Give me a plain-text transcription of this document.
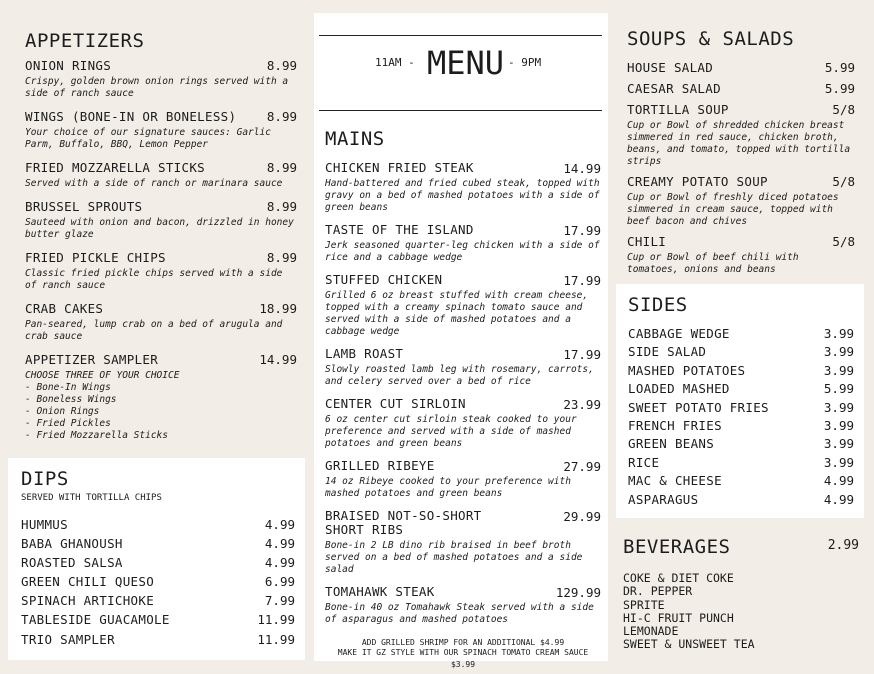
APPETIZERS
ONION RINGS	8.99
Crispy, golden brown onion rings served with a side of ranch sauce
WINGS (BONE-IN OR BONELESS)	8.99
Your choice of our signature sauces: Garlic Parm, Buffalo, BBQ, Lemon Pepper
FRIED MOZZARELLA STICKS	8.99
Served with a side of ranch or marinara sauce
BRUSSEL SPROUTS	8.99
Sauteed with onion and bacon, drizzled in honey butter glaze
FRIED PICKLE CHIPS	8.99
Classic fried pickle chips served with a side of ranch sauce
CRAB CAKES	18.99
Pan-seared, lump crab on a bed of arugula and crab sauce
APPETIZER SAMPLER	14.99
CHOOSE THREE OF YOUR CHOICE
- Bone-In Wings
- Boneless Wings
- Onion Rings
- Fried Pickles
- Fried Mozzarella Sticks
DIPS
SERVED WITH TORTILLA CHIPS
HUMMUS	4.99
BABA GHANOUSH	4.99
ROASTED SALSA	4.99
GREEN CHILI QUESO	6.99
SPINACH ARTICHOKE	7.99
TABLESIDE GUACAMOLE	11.99
TRIO SAMPLER	11.99
11AM - MENU - 9PM
MAINS
CHICKEN FRIED STEAK	14.99
Hand-battered and fried cubed steak, topped with gravy on a bed of mashed potatoes with a side of green beans
TASTE OF THE ISLAND	17.99
Jerk seasoned quarter-leg chicken with a side of rice and a cabbage wedge
STUFFED CHICKEN	17.99
Grilled 6 oz breast stuffed with cream cheese, topped with a creamy spinach tomato sauce and served with a side of mashed potatoes and a cabbage wedge
LAMB ROAST	17.99
Slowly roasted lamb leg with rosemary, carrots, and celery served over a bed of rice
CENTER CUT SIRLOIN	23.99
6 oz center cut sirloin steak cooked to your preference and served with a side of mashed potatoes and green beans
GRILLED RIBEYE	27.99
14 oz Ribeye cooked to your preference with mashed potatoes and green beans
BRAISED NOT-SO-SHORT SHORT RIBS
29.99
Bone-in 2 LB dino rib braised in beef broth served on a bed of mashed potatoes and a side salad
TOMAHAWK STEAK	129.99
Bone-in 40 oz Tomahawk Steak served with a side of asparagus and mashed potatoes
ADD GRILLED SHRIMP FOR AN ADDITIONAL $4.99
MAKE IT GZ STYLE WITH OUR SPINACH TOMATO CREAM SAUCE $3.99
SOUPS & SALADS
HOUSE SALAD	5.99
CAESAR SALAD	5.99
TORTILLA SOUP	5/8
Cup or Bowl of shredded chicken breast simmered in red sauce, chicken broth, beans, and tomato, topped with tortilla strips
CREAMY POTATO SOUP	5/8
Cup or Bowl of freshly diced potatoes simmered in cream sauce, topped with beef bacon and chives
CHILI	5/8
Cup or Bowl of beef chili with tomatoes, onions and beans
SIDES
CABBAGE WEDGE	3.99
SIDE SALAD	3.99
MASHED POTATOES	3.99
LOADED MASHED	5.99
SWEET POTATO FRIES	3.99
FRENCH FRIES	3.99
GREEN BEANS	3.99
RICE	3.99
MAC & CHEESE	4.99
ASPARAGUS	4.99
BEVERAGES	2.99
COKE & DIET COKE
DR. PEPPER
SPRITE
HI-C FRUIT PUNCH
LEMONADE
SWEET & UNSWEET TEA
